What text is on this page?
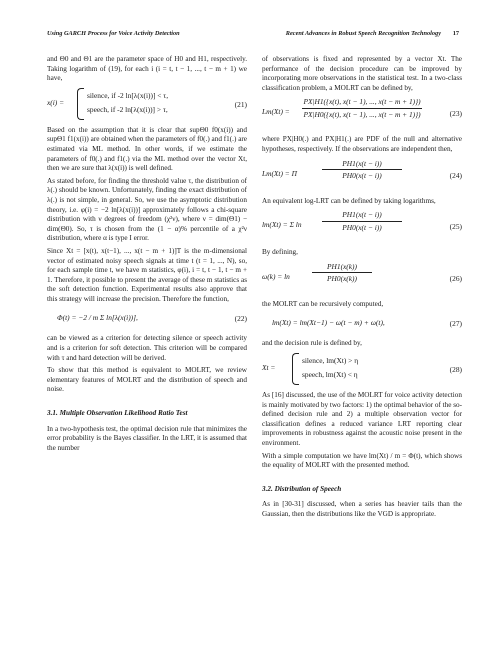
Using GARCH Process for Voice Activity Detection	Recent Advances in Robust Speech Recognition Technology 17

and Θ0 and Θ1 are the parameter space of H0 and H1, respectively. Taking logarithm of (19), for each i (i = t, t − 1, ..., t − m + 1) we have,

x(i) =
silence, if -2 ln[λ(x(i))] < τ,
speech, if -2 ln[λ(x(i))] > τ,
(21)

Based on the assumption that it is clear that supΘ0 f0(x(i)) and supΘ1 f1(x(i)) are obtained when the parameters of f0(.) and f1(.) are estimated via ML method. In other words, if we estimate the parameters of f0(.) and f1(.) via the ML method over the vector Xt, then we are sure that λ(x(i)) is well defined.

As stated before, for finding the threshold value τ, the distribution of λ(.) should be known. Unfortunately, finding the exact distribution of λ(.) is not simple, in general. So, we use the asymptotic distribution theory, i.e. φ(i) = −2 ln[λ(x(i))] approximately follows a chi-square distribution with ν degrees of freedom (χ²ν), where ν = dim(Θ1) − dim(Θ0). So, τ is chosen from the (1 − α)% percentile of a χ²ν distribution, where α is type I error.

Since Xt = [x(t), x(t−1), ..., x(t − m + 1)]T is the m-dimensional vector of estimated noisy speech signals at time t (t = 1, ..., N), so, for each sample time t, we have m statistics, φ(i), i = t, t − 1, t − m + 1. Therefore, it possible to present the average of these m statistics as the soft detection function. Experimental results also approve that this strategy will increase the precision. Therefore the function,

Φ(t) = −2 / m Σ ln[λ(x(i))],	(22)

can be viewed as a criterion for detecting silence or speech activity and is a criterion for soft detection. This criterion will be compared with τ and hard detection will be derived.

To show that this method is equivalent to MOLRT, we review elementary features of MOLRT and the distribution of speech and noise.

3.1. Multiple Observation Likelihood Ratio Test

In a two-hypothesis test, the optimal decision rule that minimizes the error probability is the Bayes classifier. In the LRT, it is assumed that the number

of observations is fixed and represented by a vector Xt. The performance of the decision procedure can be improved by incorporating more observations in the statistical test. In a two-class classification problem, a MOLRT can be defined by,

$Lm(Xt) = \frac{PX|H1(\{x(t), x(t - 1), ..., x(t - m + 1)\})}{PX|H0(\{x(t), x(t - 1), ..., x(t - m + 1)\})}$	(23)

where PX|H0(.) and PX|H1(.) are PDF of the null and alternative hypotheses, respectively. If the observations are independent then,

Lm(Xt) = Π	$\frac{PH1(x(t - i))}{PH0(x(t - i))}$	(24)

An equivalent log-LRT can be defined by taking logarithms,

lm(Xt) = Σ ln	$\frac{PH1(x(t - i))}{PH0(x(t - i))}$	(25)

By defining,

ω(k) = ln	$\frac{PH1(x(k))}{PH0(x(k))}$	(26)

the MOLRT can be recursively computed,

lm(Xt) = lm(Xt−1) − ω(t − m) + ω(t),	(27)

and the decision rule is defined by,

Xt =
silence, lm(Xt) > η
speech, lm(Xt) < η
(28)

As [16] discussed, the use of the MOLRT for voice activity detection is mainly motivated by two factors: 1) the optimal behavior of the so-defined decision rule and 2) a multiple observation vector for classification defines a reduced variance LRT reporting clear improvements in robustness against the acoustic noise present in the environment.

With a simple computation we have lm(Xt) / m = Φ(t), which shows the equality of MOLRT with the presented method.

3.2. Distribution of Speech

As in [30-31] discussed, when a series has heavier tails than the Gaussian, then the distributions like the VGD is appropriate.
